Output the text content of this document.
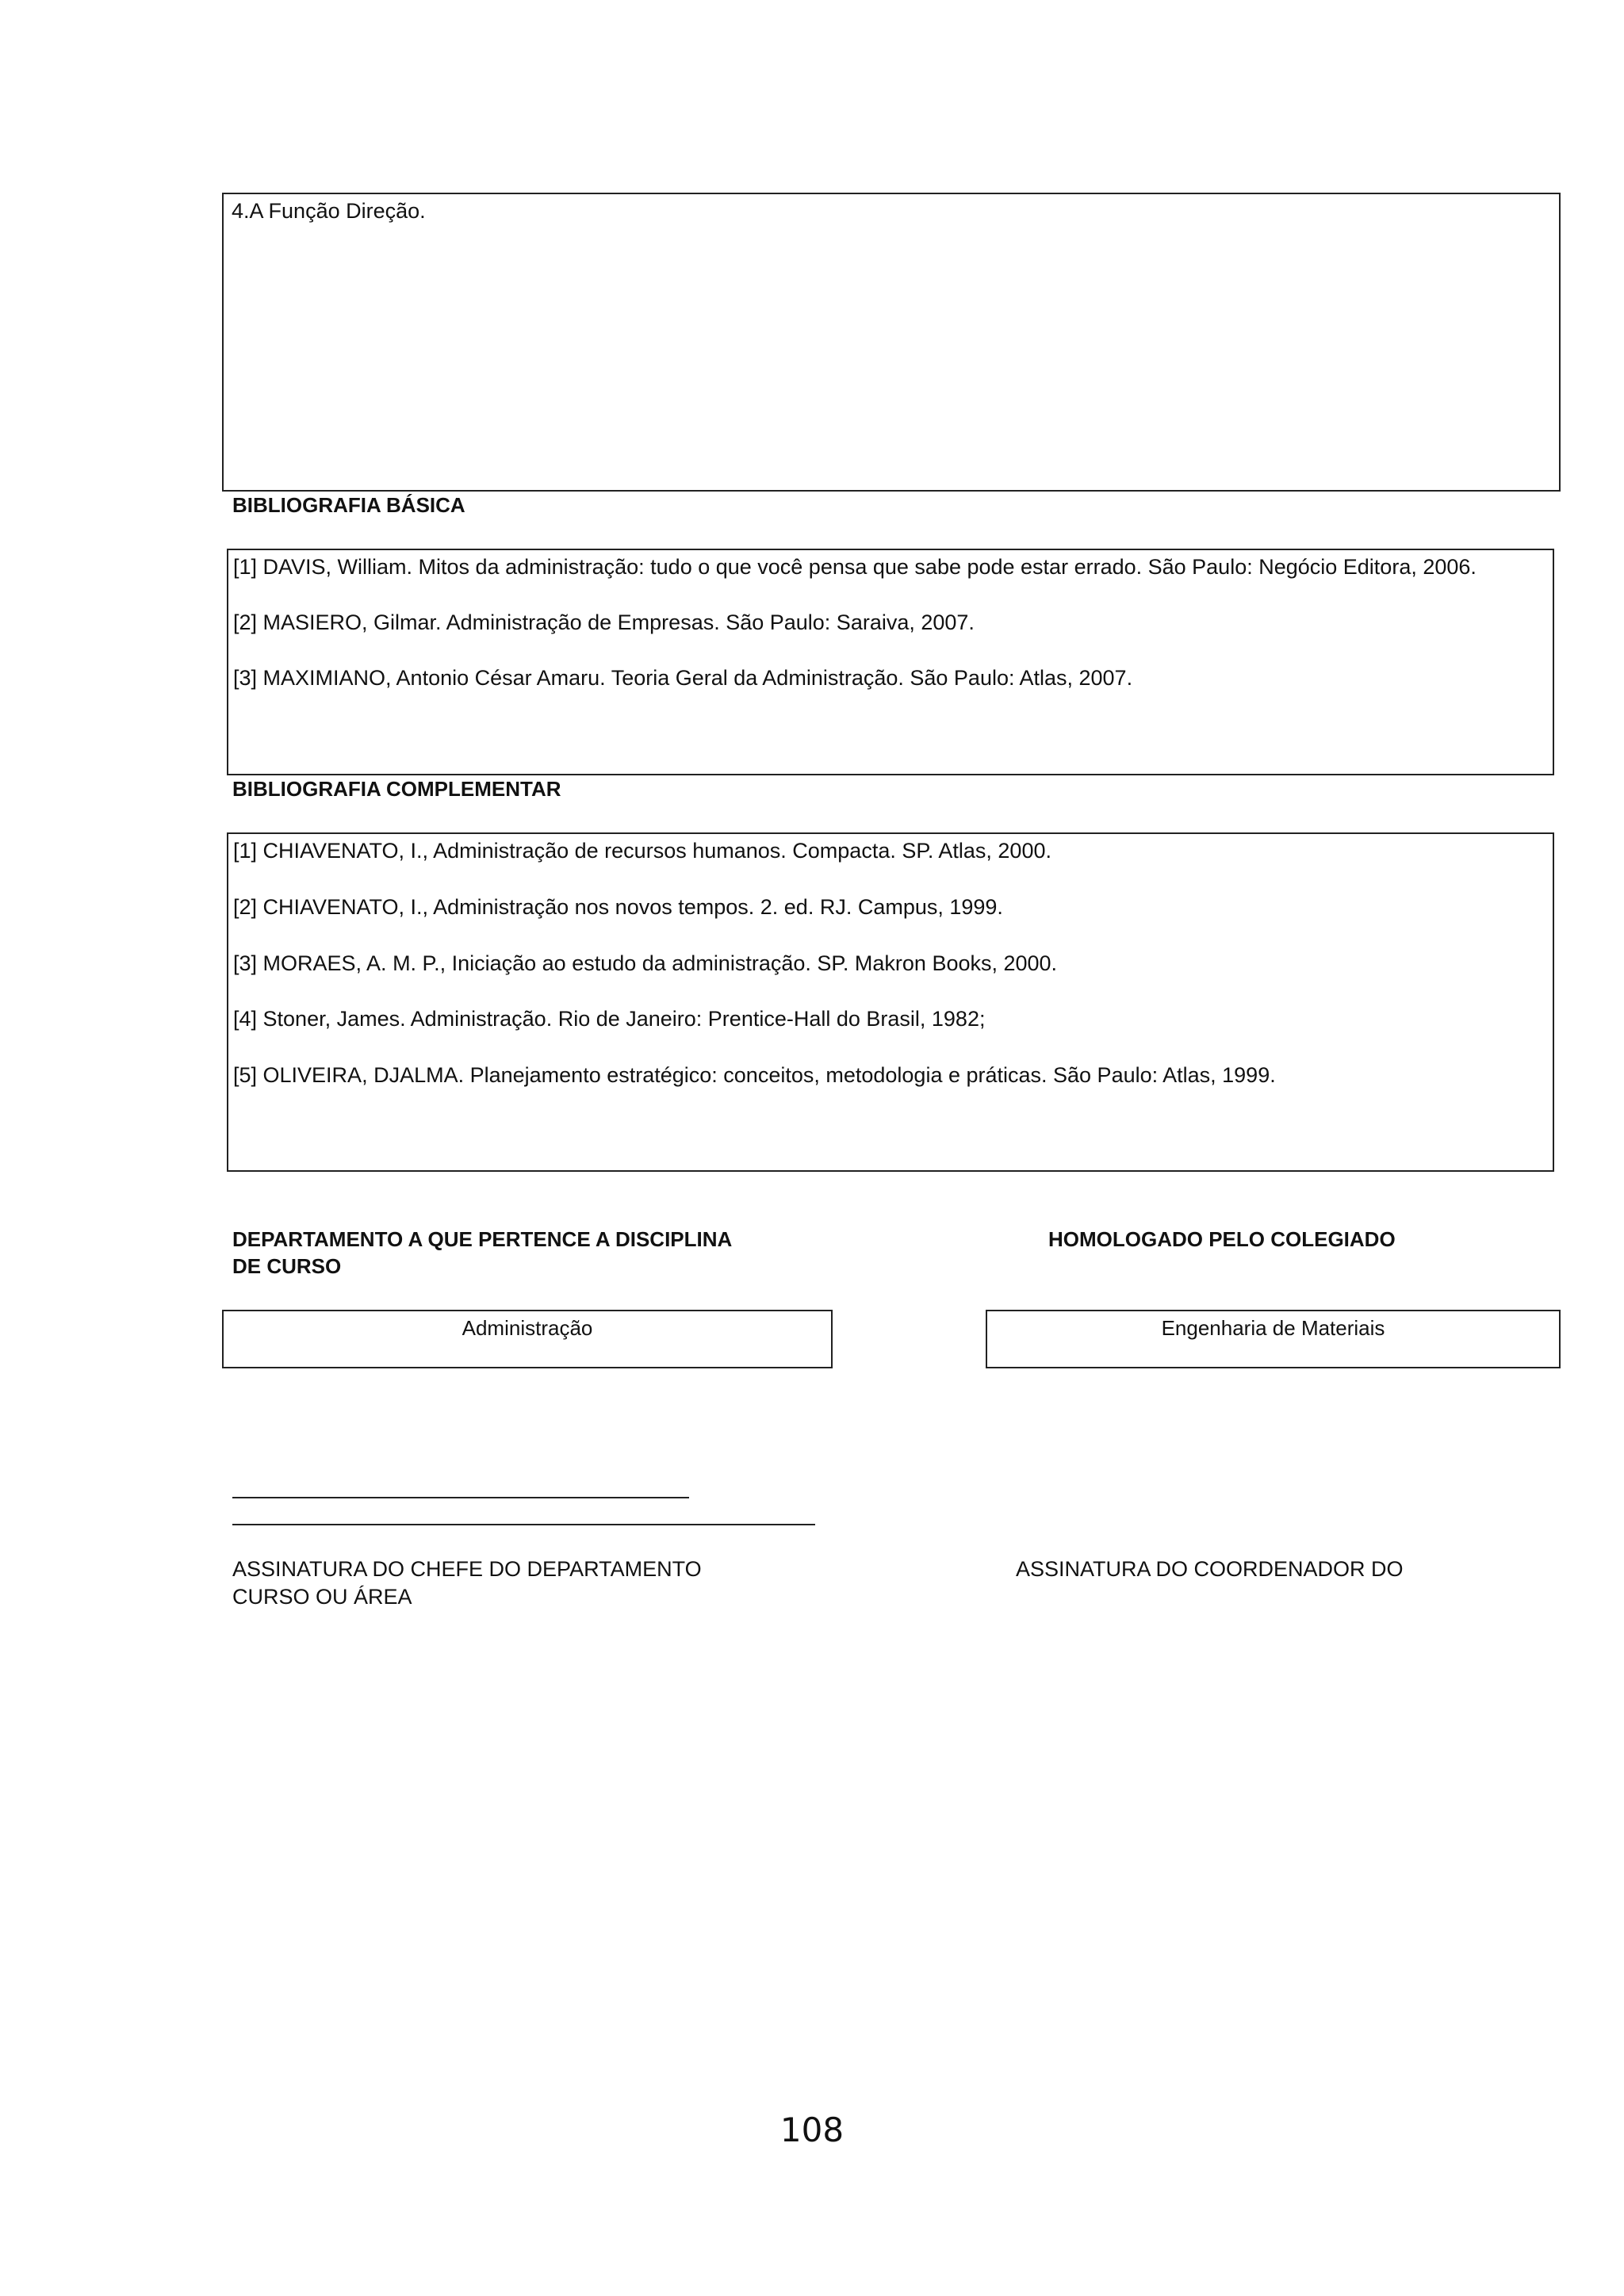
4.A Função Direção.
BIBLIOGRAFIA BÁSICA
[1] DAVIS, William. Mitos da administração: tudo o que você pensa que sabe pode estar errado. São Paulo: Negócio Editora, 2006.
[2] MASIERO, Gilmar. Administração de Empresas. São Paulo: Saraiva, 2007.
[3] MAXIMIANO, Antonio César Amaru. Teoria Geral da Administração. São Paulo: Atlas, 2007.
BIBLIOGRAFIA COMPLEMENTAR
[1] CHIAVENATO, I., Administração de recursos humanos. Compacta. SP. Atlas, 2000.
[2] CHIAVENATO, I., Administração nos novos tempos. 2. ed. RJ. Campus, 1999.
[3] MORAES, A. M. P., Iniciação ao estudo da administração. SP. Makron Books, 2000.
[4] Stoner, James. Administração. Rio de Janeiro: Prentice-Hall do Brasil, 1982;
[5] OLIVEIRA, DJALMA. Planejamento estratégico: conceitos, metodologia e práticas. São Paulo: Atlas, 1999.
DEPARTAMENTO A QUE PERTENCE A DISCIPLINA
DE CURSO
HOMOLOGADO PELO COLEGIADO
Administração	Engenharia de Materiais
ASSINATURA DO CHEFE DO DEPARTAMENTO
CURSO OU ÁREA
ASSINATURA DO COORDENADOR DO
108
